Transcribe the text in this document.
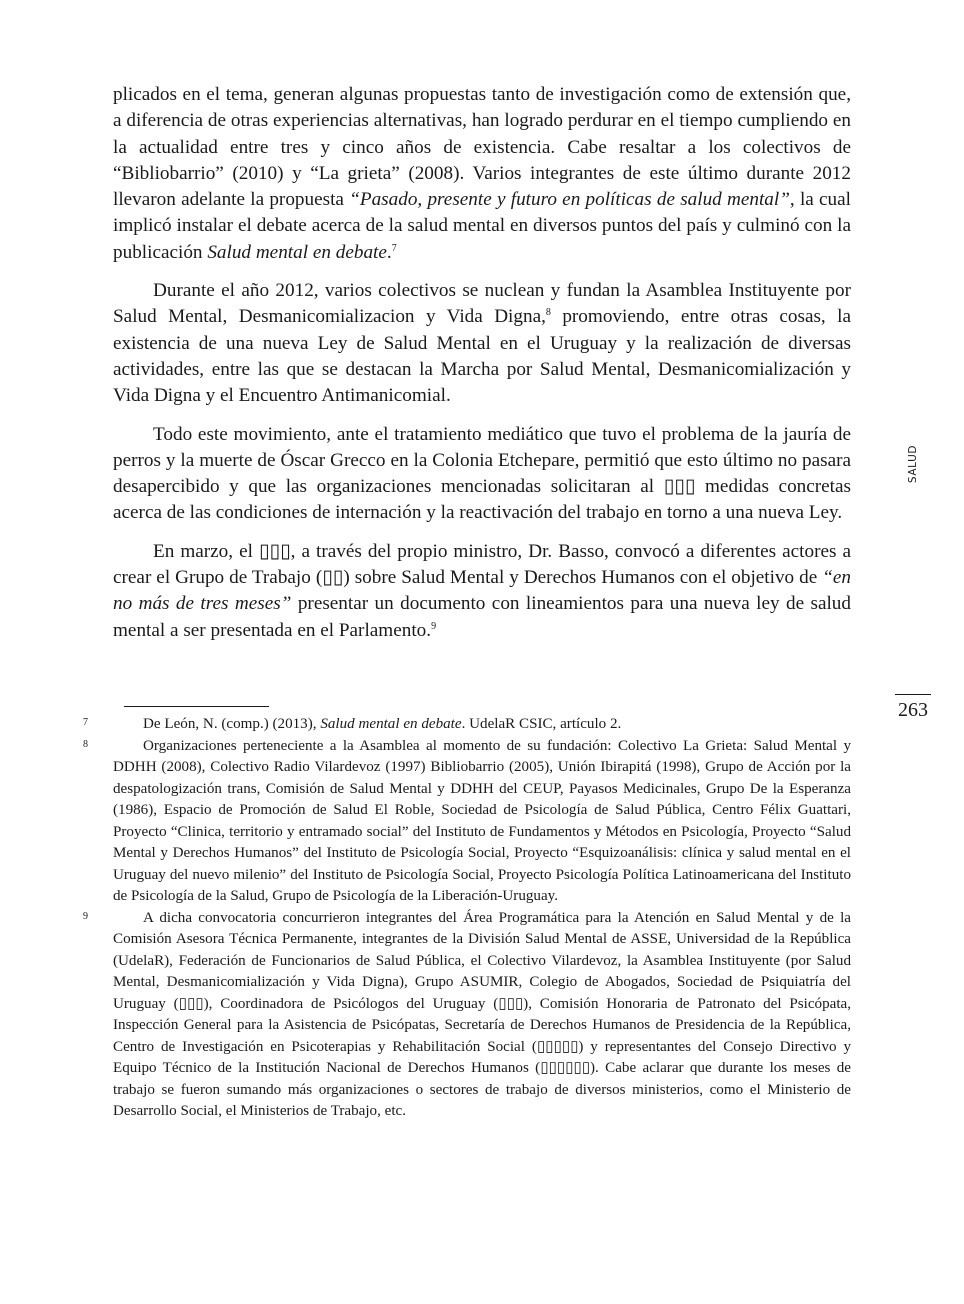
plicados en el tema, generan algunas propuestas tanto de investigación como de extensión que, a diferencia de otras experiencias alternativas, han logrado perdurar en el tiempo cumpliendo en la actualidad entre tres y cinco años de existencia. Cabe resaltar a los colectivos de “Bibliobarrio” (2010) y “La grieta” (2008). Varios integrantes de este último durante 2012 llevaron adelante la propuesta “Pasado, presente y futuro en políticas de salud mental”, la cual implicó instalar el debate acerca de la salud mental en diversos puntos del país y culminó con la publicación Salud mental en debate.$^7$

Durante el año 2012, varios colectivos se nuclean y fundan la Asamblea Instituyente por Salud Mental, Desmanicomializacion y Vida Digna,$^8$ promoviendo, entre otras cosas, la existencia de una nueva Ley de Salud Mental en el Uruguay y la realización de diversas actividades, entre las que se destacan la Marcha por Salud Mental, Desmanicomialización y Vida Digna y el Encuentro Antimanicomial.

Todo este movimiento, ante el tratamiento mediático que tuvo el problema de la jauría de perros y la muerte de Óscar Grecco en la Colonia Etchepare, permitió que esto último no pasara desapercibido y que las organizaciones mencionadas solicitaran al ▯▯▯ medidas concretas acerca de las condiciones de internación y la reactivación del trabajo en torno a una nueva Ley.

En marzo, el ▯▯▯, a través del propio ministro, Dr. Basso, convocó a diferentes actores a crear el Grupo de Trabajo (▯▯) sobre Salud Mental y Derechos Humanos con el objetivo de “en no más de tres meses” presentar un documento con lineamientos para una nueva ley de salud mental a ser presentada en el Parlamento.$^9$

7	De León, N. (comp.) (2013), Salud mental en debate. UdelaR CSIC, artículo 2.

8	Organizaciones perteneciente a la Asamblea al momento de su fundación: Colectivo La Grieta: Salud Mental y DDHH (2008), Colectivo Radio Vilardevoz (1997) Bibliobarrio (2005), Unión Ibirapitá (1998), Grupo de Acción por la despatologización trans, Comisión de Salud Mental y DDHH del CEUP, Payasos Medicinales, Grupo De la Esperanza (1986), Espacio de Promoción de Salud El Roble, Sociedad de Psicología de Salud Pública, Centro Félix Guattari, Proyecto “Clinica, territorio y entramado social” del Instituto de Fundamentos y Métodos en Psicología, Proyecto “Salud Mental y Derechos Humanos” del Instituto de Psicología Social, Proyecto “Esquizoanálisis: clínica y salud mental en el Uruguay del nuevo milenio” del Instituto de Psicología Social, Proyecto Psicología Política Latinoamericana del Instituto de Psicología de la Salud, Grupo de Psicología de la Liberación-Uruguay.

9	A dicha convocatoria concurrieron integrantes del Área Programática para la Atención en Salud Mental y de la Comisión Asesora Técnica Permanente, integrantes de la División Salud Mental de ASSE, Universidad de la República (UdelaR), Federación de Funcionarios de Salud Pública, el Colectivo Vilardevoz, la Asamblea Instituyente (por Salud Mental, Desmanicomialización y Vida Digna), Grupo ASUMIR, Colegio de Abogados, Sociedad de Psiquiatría del Uruguay (▯▯▯), Coordinadora de Psicólogos del Uruguay (▯▯▯), Comisión Honoraria de Patronato del Psicópata, Inspección General para la Asistencia de Psicópatas, Secretaría de Derechos Humanos de Presidencia de la República, Centro de Investigación en Psicoterapias y Rehabilitación Social (▯▯▯▯▯) y representantes del Consejo Directivo y Equipo Técnico de la Institución Nacional de Derechos Humanos (▯▯▯▯▯▯). Cabe aclarar que durante los meses de trabajo se fueron sumando más organizaciones o sectores de trabajo de diversos ministerios, como el Ministerio de Desarrollo Social, el Ministerios de Trabajo, etc.

SALUD
263
